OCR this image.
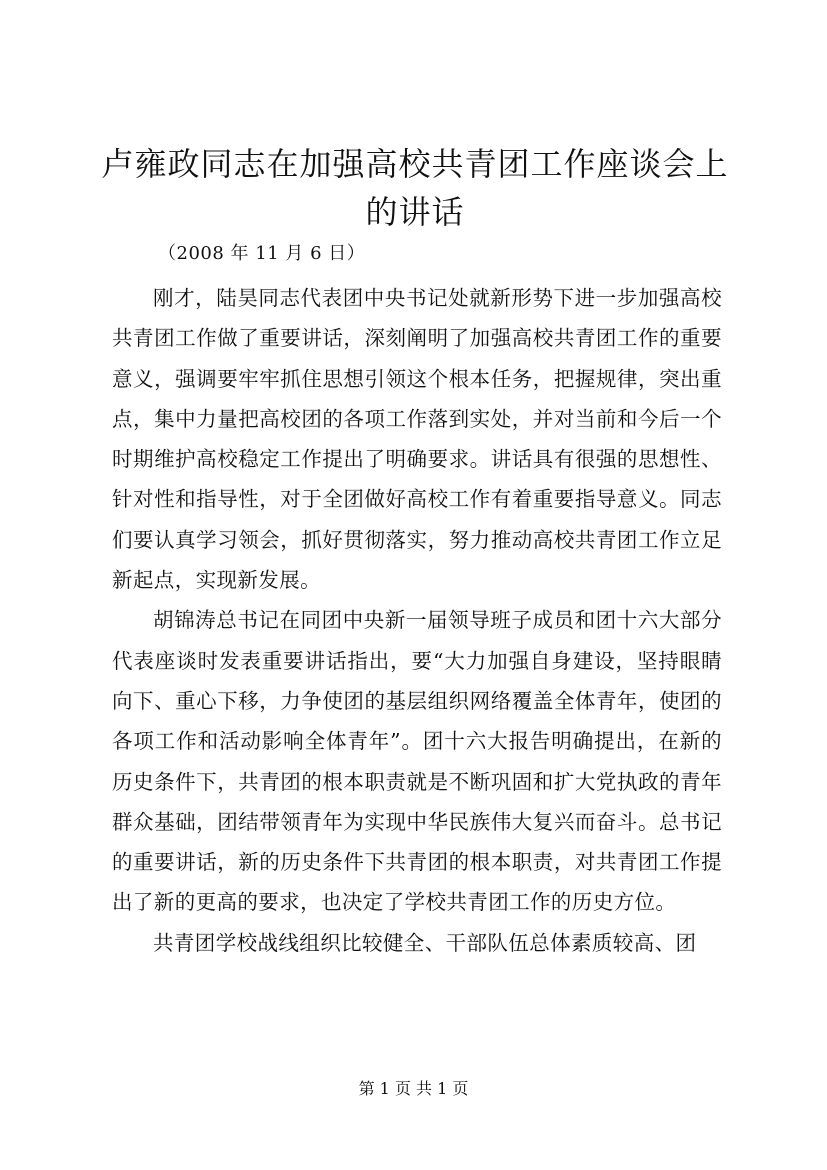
卢雍政同志在加强高校共青团工作座谈会上的讲话
（2008 年 11 月 6 日）

刚才，陆昊同志代表团中央书记处就新形势下进一步加强高校共青团工作做了重要讲话，深刻阐明了加强高校共青团工作的重要意义，强调要牢牢抓住思想引领这个根本任务，把握规律，突出重点，集中力量把高校团的各项工作落到实处，并对当前和今后一个时期维护高校稳定工作提出了明确要求。讲话具有很强的思想性、针对性和指导性，对于全团做好高校工作有着重要指导意义。同志们要认真学习领会，抓好贯彻落实，努力推动高校共青团工作立足新起点，实现新发展。

胡锦涛总书记在同团中央新一届领导班子成员和团十六大部分代表座谈时发表重要讲话指出，要“大力加强自身建设，坚持眼睛向下、重心下移，力争使团的基层组织网络覆盖全体青年，使团的各项工作和活动影响全体青年”。团十六大报告明确提出，在新的历史条件下，共青团的根本职责就是不断巩固和扩大党执政的青年群众基础，团结带领青年为实现中华民族伟大复兴而奋斗。总书记的重要讲话，新的历史条件下共青团的根本职责，对共青团工作提出了新的更高的要求，也决定了学校共青团工作的历史方位。

共青团学校战线组织比较健全、干部队伍总体素质较高、团

第 1 页 共 1 页
